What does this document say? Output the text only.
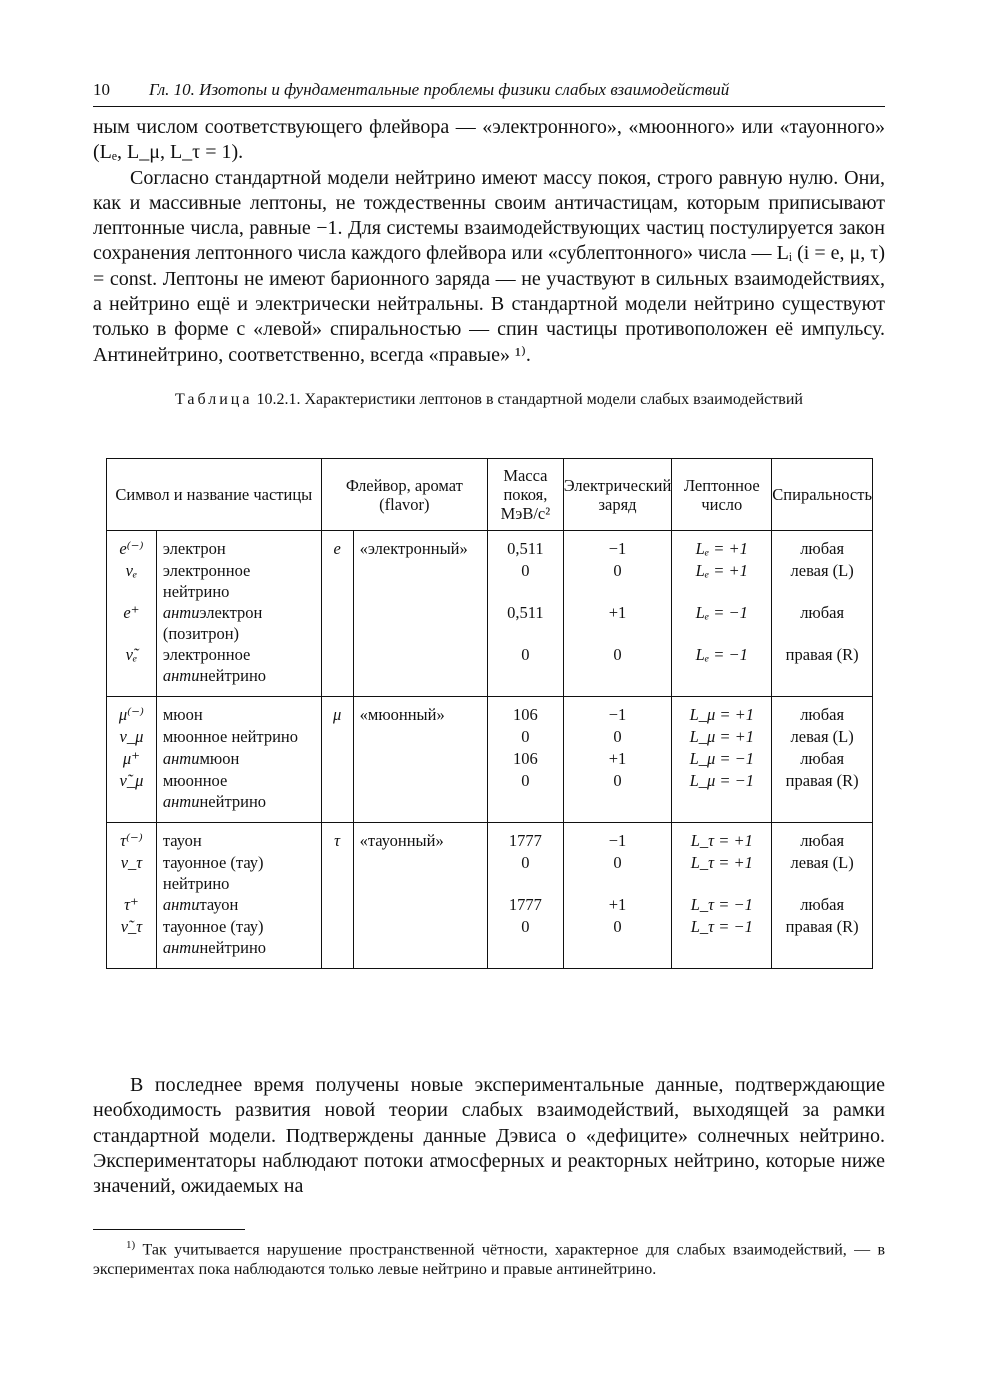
10	Гл. 10. Изотопы и фундаментальные проблемы физики слабых взаимодействий

ным числом соответствующего флейвора — «электронного», «мюонного» или «тауонного» (Lₑ, L_μ, L_τ = 1).

Согласно стандартной модели нейтрино имеют массу покоя, строго равную нулю. Они, как и массивные лептоны, не тождественны своим античастицам, которым приписывают лептонные числа, равные −1. Для системы взаимодействующих частиц постулируется закон сохранения лептонного числа каждого флейвора или «сублептонного» числа — Lᵢ (i = e, μ, τ) = const. Лептоны не имеют барионного заряда — не участвуют в сильных взаимодействиях, а нейтрино ещё и электрически нейтральны. В стандартной модели нейтрино существуют только в форме с «левой» спиральностью — спин частицы противоположен её импульсу. Антинейтрино, соответственно, всегда «правые» ¹⁾.

Таблица 10.2.1. Характеристики лептонов в стандартной модели слабых взаимодействий
Символ и название частицы		Флейвор, аромат (flavor)		Масса покоя, МэВ/c²	Электрический заряд	Лептонное число	Спиральность
e⁽⁻⁾	электрон	e	«электронный»	0,511	−1	Lₑ = +1	любая
νₑ	электронное нейтрино			0	0	Lₑ = +1	левая (L)
e⁺	антиэлектрон (позитрон)			0,511	+1	Lₑ = −1	любая
ν̃ₑ	электронное антинейтрино			0	0	Lₑ = −1	правая (R)
μ⁽⁻⁾	мюон	μ	«мюонный»	106	−1	L_μ = +1	любая
ν_μ	мюонное нейтрино			0	0	L_μ = +1	левая (L)
μ⁺	антимюон			106	+1	L_μ = −1	любая
ν̃_μ	мюонное антинейтрино			0	0	L_μ = −1	правая (R)
τ⁽⁻⁾	тауон	τ	«тауонный»	1777	−1	L_τ = +1	любая
ν_τ	тауонное (тау) нейтрино			0	0	L_τ = +1	левая (L)
τ⁺	антитауон			1777	+1	L_τ = −1	любая
ν̃_τ	тауонное (тау) антинейтрино			0	0	L_τ = −1	правая (R)
В последнее время получены новые экспериментальные данные, подтверждающие необходимость развития новой теории слабых взаимодействий, выходящей за рамки стандартной модели. Подтверждены данные Дэвиса о «дефиците» солнечных нейтрино. Экспериментаторы наблюдают потоки атмосферных и реакторных нейтрино, которые ниже значений, ожидаемых на
$^{1)}$ Так учитывается нарушение пространственной чётности, характерное для слабых взаимодействий, — в экспериментах пока наблюдаются только левые нейтрино и правые антинейтрино.
